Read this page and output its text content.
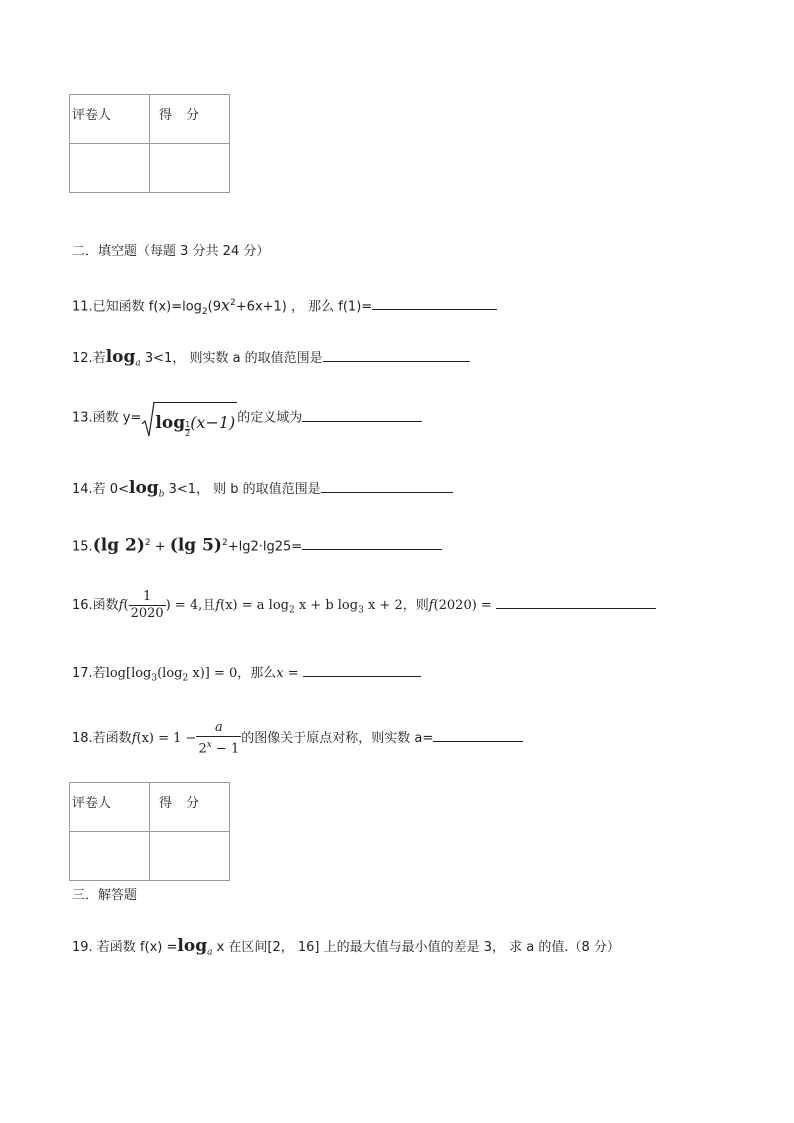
评卷人	得 分

二．填空题（每题 3 分共 24 分）
11.已知函数 $f(x)=\log_2(9x^2+6x+1)$ ， 那么 f(1)=
12.若$\log_a 3<1$， 则实数 a 的取值范围是
13.函数 $y= \log \frac{1}{2}(x-1)$ 的定义域为
14.若 $0<\log_b$ 3<1， 则 b 的取值范围是
15.(lg 2)$^2$ + (lg 5)$^2$+lg2·lg25=
16.函数$f( \frac{1}{2020}$ ) = 4,且f(x) = a $\log_2 x + b$ $\log_3 x + 2$，则f(2020) =
17.若$\log[\log_3(\log_2$ x)] = 0，那么x =
18.若函数$f(x) = 1 - \frac{a}{2^x - 1}$ 的图像关于原点对称，则实数 a=
评卷人	得 分

三．解答题
19. 若函数 $f(x) =\log_a$ x 在区间[2， 16] 上的最大值与最小值的差是 3， 求 a 的值.（8 分）
